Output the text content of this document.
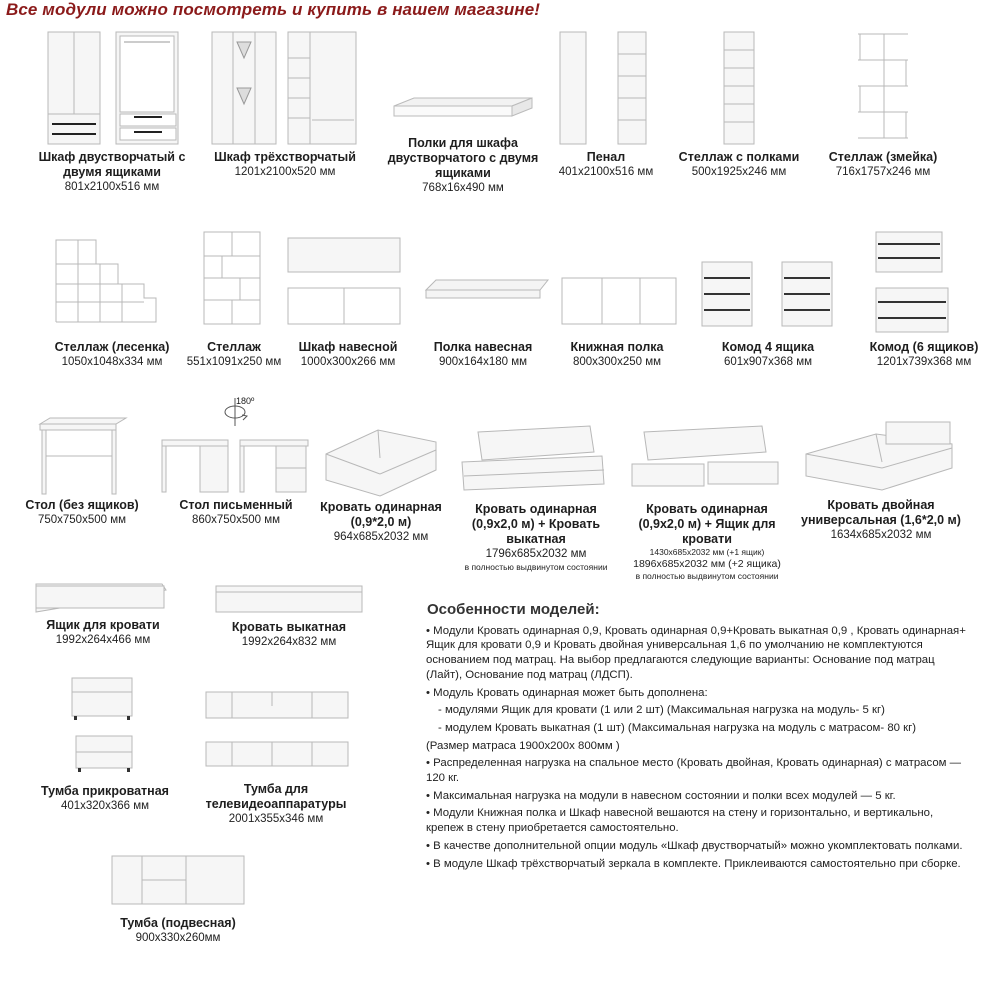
Все модули можно посмотреть и купить в нашем магазине!
Шкаф двустворчатый с двумя ящиками
801x2100x516 мм
Шкаф трёхстворчатый
1201x2100x520 мм
Полки для шкафа двустворчатого с двумя ящиками
768x16x490 мм
Пенал
401x2100x516 мм
Стеллаж с полками
500x1925x246 мм
Стеллаж (змейка)
716x1757x246 мм
Стеллаж (лесенка)
1050x1048x334 мм
Стеллаж
551x1091x250 мм
Шкаф навесной
1000x300x266 мм
Полка навесная
900x164x180 мм
Книжная полка
800x300x250 мм
Комод 4 ящика
601x907x368 мм
Комод (6 ящиков)
1201x739x368 мм
180º
Стол (без ящиков)
750x750x500 мм
Стол письменный
860x750x500 мм
Кровать одинарная (0,9*2,0 м)
964x685x2032 мм
Кровать одинарная (0,9x2,0 м) + Кровать выкатная
1796x685x2032 мм
в полностью выдвинутом состоянии
Кровать одинарная (0,9x2,0 м) + Ящик для кровати
1430x685x2032 мм (+1 ящик)
1896x685x2032 мм (+2 ящика)
в полностью выдвинутом состоянии
Кровать двойная универсальная (1,6*2,0 м)
1634x685x2032 мм
Ящик для кровати
1992x264x466 мм
Кровать выкатная
1992x264x832 мм
Тумба прикроватная
401x320x366 мм
Тумба для телевидеоаппаратуры
2001x355x346 мм
Тумба (подвесная)
900x330x260мм
Особенности моделей:

• Модули Кровать одинарная 0,9, Кровать одинарная 0,9+Кровать выкатная 0,9 , Кровать одинарная+ Ящик для кровати 0,9 и Кровать двойная универсальная 1,6 по умолчанию не комплектуются основанием под матрац. На выбор предлагаются следующие варианты: Основание под матрац (Лайт), Основание под матрац (ЛДСП).

• Модуль Кровать одинарная может быть дополнена:

- модулями Ящик для кровати (1 или 2 шт) (Максимальная нагрузка на модуль- 5 кг)

- модулем Кровать выкатная (1 шт) (Максимальная нагрузка на модуль с матрасом- 80 кг)

(Размер матраса 1900x200x 800мм )

• Распределенная нагрузка на спальное место (Кровать двойная, Кровать одинарная) с матрасом — 120 кг.

• Максимальная нагрузка на модули в навесном состоянии и полки всех модулей — 5 кг.

• Модули Книжная полка и Шкаф навесной вешаются на стену и горизонтально, и вертикально, крепеж в стену приобретается самостоятельно.

• В качестве дополнительной опции модуль «Шкаф двустворчатый» можно укомплектовать полками.

• В модуле Шкаф трёхстворчатый зеркала в комплекте. Приклеиваются самостоятельно при сборке.
